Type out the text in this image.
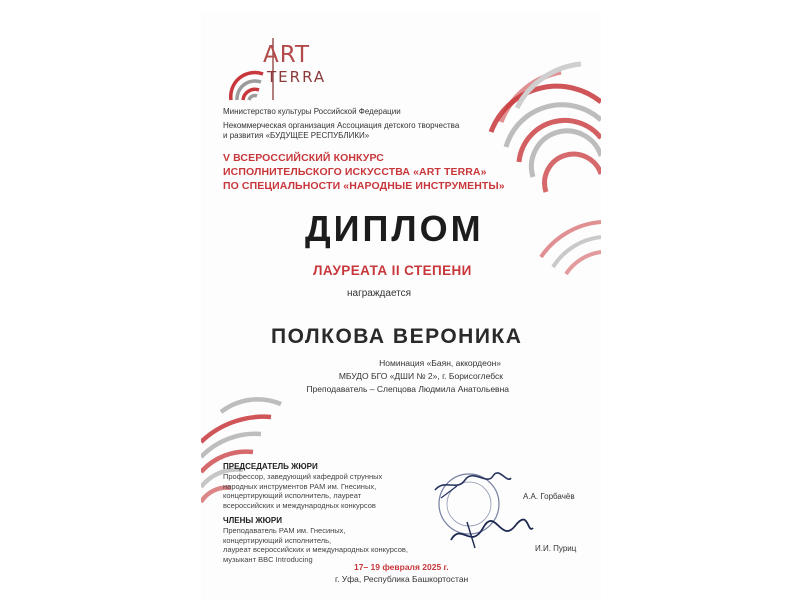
ART
TERRA
Министерство культуры Российской Федерации
Некоммерческая организация Ассоциация детского творчества
и развития «БУДУЩЕЕ РЕСПУБЛИКИ»
V ВСЕРОССИЙСКИЙ КОНКУРС
ИСПОЛНИТЕЛЬСКОГО ИСКУССТВА «ART TERRA»
ПО СПЕЦИАЛЬНОСТИ «НАРОДНЫЕ ИНСТРУМЕНТЫ»
ДИПЛОМ
ЛАУРЕАТА II СТЕПЕНИ
награждается
ПОЛКОВА ВЕРОНИКА
Номинация «Баян, аккордеон»
МБУДО БГО «ДШИ № 2», г. Борисоглебск
Преподаватель – Слепцова Людмила Анатольевна
ПРЕДСЕДАТЕЛЬ ЖЮРИ
Профессор, заведующий кафедрой струнных
народных инструментов РАМ им. Гнесиных,
концертирующий исполнитель, лауреат
всероссийских и международных конкурсов
ЧЛЕНЫ ЖЮРИ
Преподаватель РАМ им. Гнесиных,
концертирующий исполнитель,
лауреат всероссийских и международных конкурсов,
музыкант BBC Introducing
А.А. Горбачёв
И.И. Пуриц
17– 19 февраля 2025 г.
г. Уфа, Республика Башкортостан
